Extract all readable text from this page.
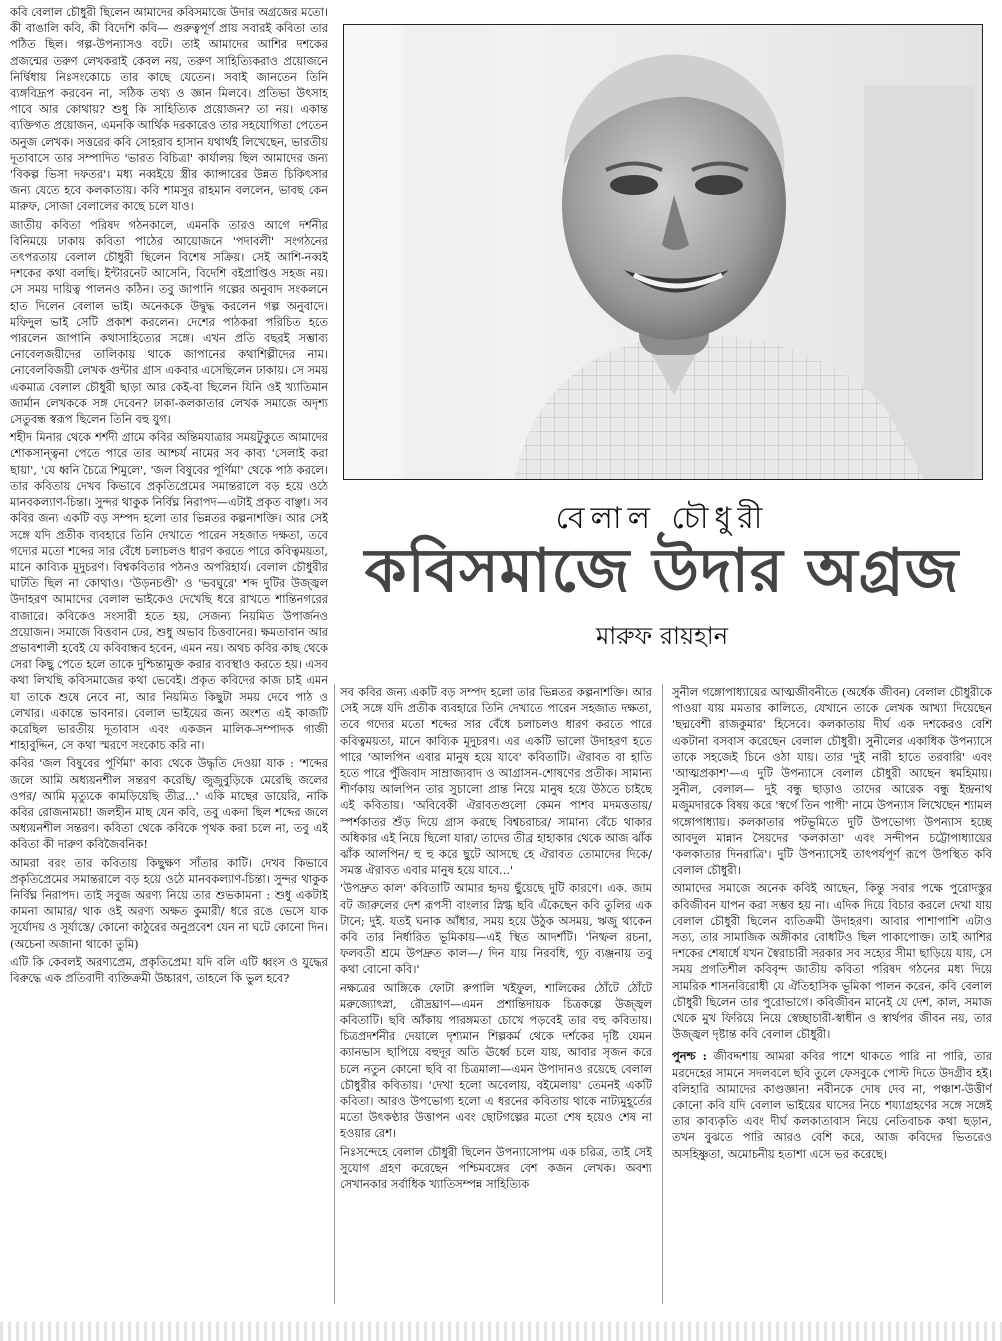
কবি বেলাল চৌধুরী ছিলেন আমাদের কবিসমাজে উদার অগ্রজের মতো। কী বাঙালি কবি, কী বিদেশি কবি— গুরুত্বপূর্ণ প্রায় সবারই কবিতা তার পঠিত ছিল। গল্প-উপন্যাসও বটে। তাই আমাদের আশির দশকের প্রজন্মের তরুণ লেখকরাই কেবল নয়, তরুণ সাহিত্যিকরাও প্রয়োজনে নির্দ্বিধায় নিঃসংকোচে তার কাছে যেতেন। সবাই জানতেন তিনি ব্যঙ্গবিদ্রূপ করবেন না, সঠিক তথ্য ও জ্ঞান মিলবে। প্রতিভা উৎসাহ পাবে আর কোথায়? শুধু কি সাহিত্যিক প্রয়োজন? তা নয়। একান্ত ব্যক্তিগত প্রয়োজন, এমনকি আর্থিক দরকারেও তার সহযোগিতা পেতেন অনুজ লেখক। সত্তরের কবি সোহরাব হাসান যথার্থই লিখেছেন, ভারতীয় দূতাবাসে তার সম্পাদিত 'ভারত বিচিত্রা' কার্যালয় ছিল আমাদের জন্য 'বিকল্প ভিসা দফতর'। মধ্য নব্বইয়ে স্ত্রীর ক্যান্সারের উন্নত চিকিৎসার জন্য যেতে হবে কলকাতায়। কবি শামসুর রাহমান বললেন, ভাবছ কেন মারুফ, সোজা বেলালের কাছে চলে যাও।

জাতীয় কবিতা পরিষদ গঠনকালে, এমনকি তারও আগে দর্শনীর বিনিময়ে ঢাকায় কবিতা পাঠের আয়োজনে 'পদাবলী' সংগঠনের তৎপরতায় বেলাল চৌধুরী ছিলেন বিশেষ সক্রিয়। সেই আশি-নব্বই দশকের কথা বলছি। ইন্টারনেট আসেনি, বিদেশি বইপ্রাপ্তিও সহজ নয়। সে সময় দায়িত্ব পালনও কঠিন। তবু জাপানি গল্পের অনুবাদ সংকলনে হাত দিলেন বেলাল ভাই। অনেককে উদ্বুদ্ধ করলেন গল্প অনুবাদে। মফিদুল ভাই সেটি প্রকাশ করলেন। দেশের পাঠকরা পরিচিত হতে পারলেন জাপানি কথাসাহিত্যের সঙ্গে। এখন প্রতি বছরই সম্ভাব্য নোবেলজয়ীদের তালিকায় থাকে জাপানের কথাশিল্পীদের নাম। নোবেলবিজয়ী লেখক গুন্টার গ্রাস একবার এসেছিলেন ঢাকায়। সে সময় একমাত্র বেলাল চৌধুরী ছাড়া আর কেই-বা ছিলেন যিনি ওই খ্যাতিমান জার্মান লেখককে সঙ্গ দেবেন? ঢাকা-কলকাতার লেখক সমাজে অদৃশ্য সেতুবন্ধ স্বরূপ ছিলেন তিনি বহু যুগ।

শহীদ মিনার থেকে শর্শদী গ্রামে কবির অন্তিমযাত্রার সময়টুকুতে আমাদের শোকসান্ত্বনা পেতে পারে তার আশ্চর্য নামের সব কাব্য 'সেলাই করা ছায়া', 'যে ধ্বনি চৈত্রে শিমুলে', 'জল বিষুবের পূর্ণিমা' থেকে পাঠ করলে। তার কবিতায় দেখব কিভাবে প্রকৃতিপ্রেমের সমান্তরালে বড় হয়ে ওঠে মানবকল্যাণ-চিন্তা। সুন্দর থাকুক নির্বিঘ্ন নিরাপদ—এটাই প্রকৃত বাঞ্ছা। সব কবির জন্য একটি বড় সম্পদ হলো তার ভিন্নতর কল্পনাশক্তি। আর সেই সঙ্গে যদি প্রতীক ব্যবহারে তিনি দেখাতে পারেন সহজাত দক্ষতা, তবে গদ্যের মতো শব্দের সার বেঁধে চলাচলও ধারণ করতে পারে কবিত্বময়তা, মানে কাব্যিক মূদুচরণ। বিশ্বকবিতার পঠনও অপরিহার্য। বেলাল চৌধুরীর ঘাটতি ছিল না কোথাও। 'উড়নচণ্ডী' ও 'ভবঘুরে' শব্দ দুটির উজ্জ্বল উদাহরণ আমাদের বেলাল ভাইকেও দেখেছি ধরে রাখতে শান্তিনগরের বাজারে। কবিকেও সংসারী হতে হয়, সেজন্য নিয়মিত উপার্জনও প্রয়োজন। সমাজে বিত্তবান ঢের, শুধু অভাব চিত্তবানের। ক্ষমতাবান আর প্রভাবশালী হবেই যে কবিবান্ধব হবেন, এমন নয়। অথচ কবির কাছ থেকে সেরা কিছু পেতে হলে তাকে দুশ্চিন্তামুক্ত করার ব্যবস্থাও করতে হয়। এসব কথা লিখছি কবিসমাজের কথা ভেবেই। প্রকৃত কবিদের কাজ চাই এমন যা তাকে শুষে নেবে না, আর নিয়মিত কিছুটা সময় দেবে পাঠ ও লেখার। একান্তে ভাবনার। বেলাল ভাইয়ের জন্য অংশত এই কাজটি করেছিল ভারতীয় দূতাবাস এবং একজন মালিক-সম্পাদক গাজী শাহাবুদ্দিন, সে কথা স্মরণে সংকোচ করি না।

কবির 'জল বিষুবের পূর্ণিমা' কাব্য থেকে উদ্ধৃতি দেওয়া যাক : 'শব্দের জলে আমি অধ্যয়নশীল সন্তরণ করেছি/ জুজুবুড়িকে মেরেছি জলের ওপর/ আমি মৃত্যুকে কামড়িয়েছি তীব্র...' একি মাছের ডায়েরি, নাকি কবির রোজনামচা! জলহীন মাছ যেন কবি, তবু একদা ছিল শব্দের জলে অধ্যয়নশীল সন্তরণ। কবিতা থেকে কবিকে পৃথক করা চলে না, তবু এই কবিতা কী দারুণ কবিজৈবনিক!

আমরা বরং তার কবিতায় কিছুক্ষণ সাঁতার কাটি। দেখব কিভাবে প্রকৃতিপ্রেমের সমান্তরালে বড় হয়ে ওঠে মানবকল্যাণ-চিন্তা। সুন্দর থাকুক নির্বিঘ্ন নিরাপদ। তাই সবুজ অরণ্য নিয়ে তার শুভকামনা : শুধু একটাই কামনা আমার/ থাক ওই অরণ্য অক্ষত কুমারী/ ধরে রঙে ভেসে যাক সূর্যোদয় ও সূর্যাস্তে/ কোনো কাঠুরের অনুপ্রবেশ যেন না ঘটে কোনো দিন। (অচেনা অজানা থাকো তুমি)

এটি কি কেবলই অরণ্যপ্রেম, প্রকৃতিপ্রেম! যদি বলি এটি ধ্বংস ও যুদ্ধের বিরুদ্ধে এক প্রতিবাদী ব্যক্তিক্রমী উচ্চারণ, তাহলে কি ভুল হবে?

বেলাল চৌধুরী
কবিসমাজে উদার অগ্রজ
মারুফ রায়হান

সব কবির জন্য একটি বড় সম্পদ হলো তার ভিন্নতর কল্পনাশক্তি। আর সেই সঙ্গে যদি প্রতীক ব্যবহারে তিনি দেখাতে পারেন সহজাত দক্ষতা, তবে গদ্যের মতো শব্দের সার বেঁধে চলাচলও ধারণ করতে পারে কবিত্বময়তা, মানে কাব্যিক মূদুচরণ। এর একটি ভালো উদাহরণ হতে পারে 'আলপিন এবার মানুষ হয়ে যাবে' কবিতাটি। ঐরাবত বা হাতি হতে পারে পুঁজিবাদ সাম্রাজ্যবাদ ও আগ্রাসন-শোষণের প্রতীক। সামান্য শীর্ণকায় আলপিন তার সুচালো প্রান্ত নিয়ে মানুষ হয়ে উঠতে চাইছে এই কবিতায়। 'অবিবেকী ঐরাবতগুলো কেমন পাশব মদমত্ততায়/ স্পর্শকাতর শুঁড় দিয়ে গ্রাস করছে বিশ্বচরাচর/ সামান্য বেঁচে থাকার অধিকার এই নিয়ে ছিলো যারা/ তাদের তীব্র হাহাকার থেকে আজ ঝাঁক ঝাঁক আলপিন/ হু হু করে ছুটে আসছে হে ঐরাবত তোমাদের দিকে/ সমস্ত ঐরাবত এবার মানুষ হয়ে যাবে...'

'উপদ্রুত কাল' কবিতাটি আমার হৃদয় ছুঁয়েছে দুটি কারণে। এক. জাম বট জারুলের দেশ রূপসী বাংলার স্নিগ্ধ ছবি এঁকেছেন কবি তুলির এক টানে; দুই. যতই ঘনাক আঁধার, সময় হয়ে উঠুক অসময়, ঋজু থাকেন কবি তার নির্ধারিত ভূমিকায়—এই স্থিত আদর্শটি। 'নিষ্ফল রচনা, ফলবতী শ্রমে উপদ্রুত কাল—/ দিন যায় নিরবধি, গূঢ় ব্যঞ্জনায় তবু কথা বোনো কবি।'

নক্ষত্রের আঙ্গিকে ফোটা রুপালি খইফুল, শালিকের ঠোঁটে ঠোঁটে মরুজ্যোৎস্না, রৌদ্রঘ্রাণ—এমন প্রশান্তিদায়ক চিত্রকল্পে উজ্জ্বল কবিতাটি। ছবি আঁকায় পারঙ্গমতা চোখে পড়বেই তার বহু কবিতায়। চিত্রপ্রদর্শনীর দেয়ালে দৃশ্যমান শিল্পকর্ম থেকে দর্শকের দৃষ্টি যেমন ক্যানভাস ছাপিয়ে বহুদূর অতি ঊর্ধ্বে চলে যায়, আবার সৃজন করে চলে নতুন কোনো ছবি বা চিত্রমালা—এমন উপাদানও রয়েছে বেলাল চৌধুরীর কবিতায়। 'দেখা হলো অবেলায়, বইমেলায়' তেমনই একটি কবিতা। আরও উপভোগ্য হলো এ ধরনের কবিতায় থাকে নাট্যমুহূর্তের মতো উৎকণ্ঠার উত্তাপন এবং ছোটগল্পের মতো শেষ হয়েও শেষ না হওয়ার রেশ।

নিঃসন্দেহে বেলাল চৌধুরী ছিলেন উপন্যাসোপম এক চরিত্র, তাই সেই সুযোগ গ্রহণ করেছেন পশ্চিমবঙ্গের বেশ কজন লেখক। অবশ্য সেখানকার সর্বাধিক খ্যাতিসম্পন্ন সাহিত্যিক

সুনীল গঙ্গোপাধ্যায়ের আত্মজীবনীতে (অর্ধেক জীবন) বেলাল চৌধুরীকে পাওয়া যায় মমতার কালিতে, যেখানে তাকে লেখক আখ্যা দিয়েছেন 'ছদ্মবেশী রাজকুমার' হিসেবে। কলকাতায় দীর্ঘ এক দশকেরও বেশি একটানা বসবাস করেছেন বেলাল চৌধুরী। সুনীলের একাধিক উপন্যাসে তাকে সহজেই চিনে ওঠা যায়। তার 'দুই নারী হাতে তরবারি' এবং 'আত্মপ্রকাশ'—এ দুটি উপন্যাসে বেলাল চৌধুরী আছেন স্বমহিমায়। সুনীল, বেলাল— দুই বন্ধু ছাড়াও তাদের আরেক বন্ধু ইন্দ্রনাথ মজুমদারকে বিষয় করে 'স্বর্গে তিন পাপী' নামে উপন্যাস লিখেছেন শ্যামল গঙ্গোপাধ্যায়। কলকাতার পটভূমিতে দুটি উপভোগ্য উপন্যাস হচ্ছে আবদুল মান্নান সৈয়দের 'কলকাতা' এবং সন্দীপন চট্টোপাধ্যায়ের 'কলকাতার দিনরাত্রি'। দুটি উপন্যাসেই তাৎপর্যপূর্ণ রূপে উপস্থিত কবি বেলাল চৌধুরী।

আমাদের সমাজে অনেক কবিই আছেন, কিন্তু সবার পক্ষে পুরোদস্তুর কবিজীবন যাপন করা সম্ভব হয় না। এদিক দিয়ে বিচার করলে দেখা যায় বেলাল চৌধুরী ছিলেন ব্যতিক্রমী উদাহরণ। আবার পাশাপাশি এটাও সত্য, তার সামাজিক অঙ্গীকার বোধটিও ছিল পাকাপোক্ত। তাই আশির দশকের শেষার্ধে যখন স্বৈরাচারী সরকার সব সহ্যের সীমা ছাড়িয়ে যায়, সে সময় প্রগতিশীল কবিবৃন্দ জাতীয় কবিতা পরিষদ গঠনের মধ্য দিয়ে সামরিক শাসনবিরোধী যে ঐতিহাসিক ভূমিকা পালন করেন, কবি বেলাল চৌধুরী ছিলেন তার পুরোভাগে। কবিজীবন মানেই যে দেশ, কাল, সমাজ থেকে মুখ ফিরিয়ে নিয়ে স্বেচ্ছাচারী-স্বাধীন ও স্বার্থপর জীবন নয়, তার উজ্জ্বল দৃষ্টান্ত কবি বেলাল চৌধুরী।

পুনশ্চ : জীবদ্দশায় আমরা কবির পাশে থাকতে পারি না পারি, তার মরদেহের সামনে সদলবলে ছবি তুলে ফেসবুকে পোস্ট দিতে উদগ্রীব হই। বলিহারি আমাদের কাণ্ডজ্ঞান! নবীনকে দোষ দেব না, পঞ্চাশ-উত্তীর্ণ কোনো কবি যদি বেলাল ভাইয়ের ঘাসের নিচে শয্যাগ্রহণের সঙ্গে সঙ্গেই তার কাব্যকৃতি এবং দীর্ঘ কলকাতাবাস নিয়ে নেতিবাচক কথা ছড়ান, তখন বুঝতে পারি আরও বেশি করে, আজ কবিদের ভিতরেও অসহিষ্ণুতা, অমোচনীয় হতাশা এসে ভর করেছে।
